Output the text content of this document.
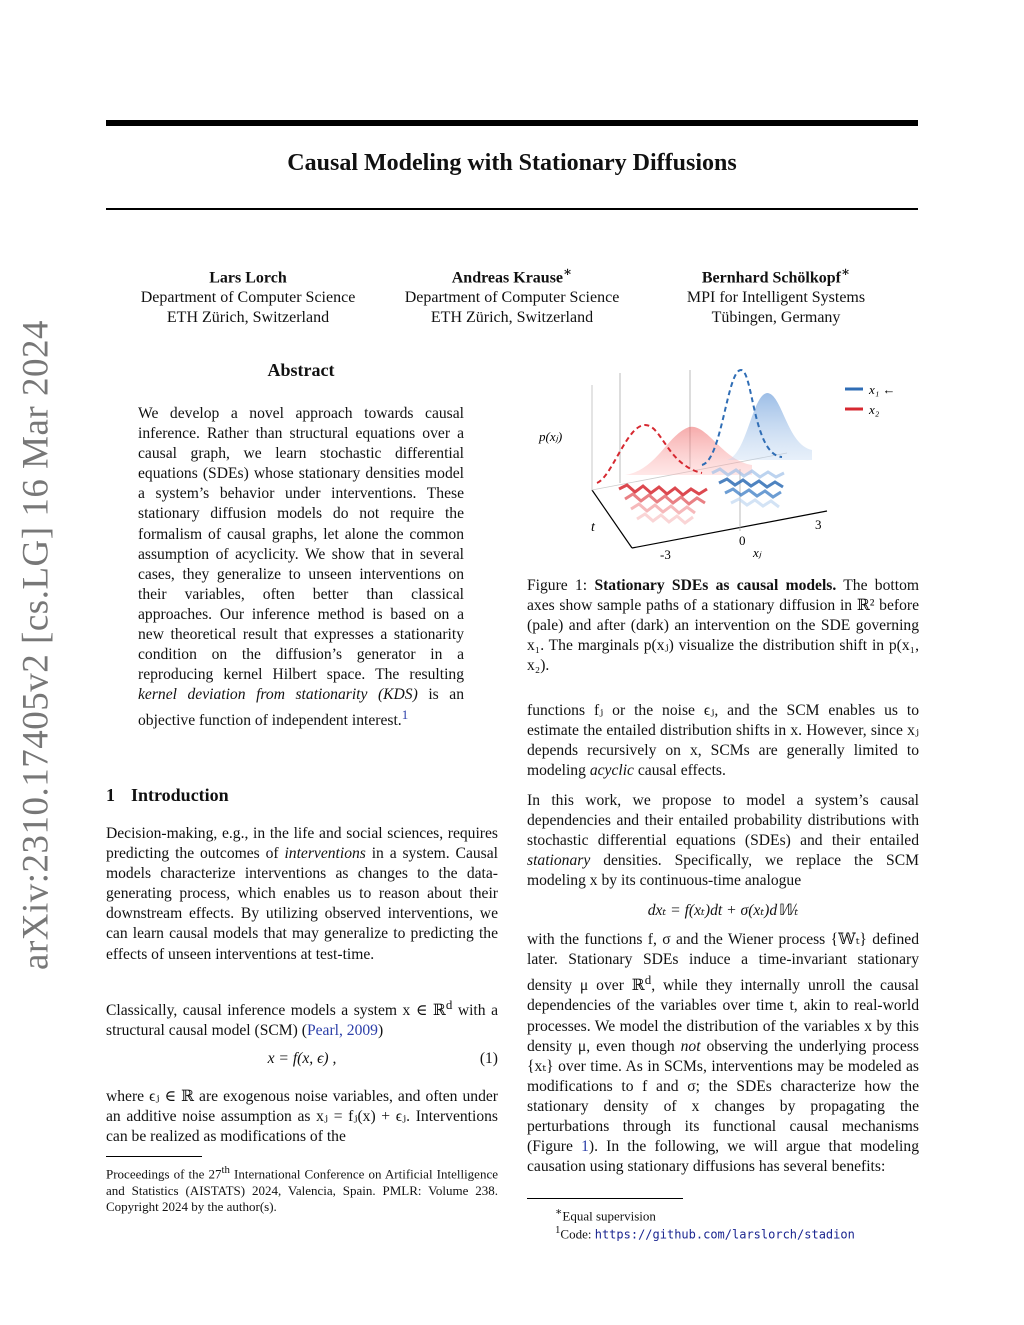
Causal Modeling with Stationary Diffusions
Lars Lorch
Department of Computer Science
ETH Zürich, Switzerland
Andreas Krause∗
Department of Computer Science
ETH Zürich, Switzerland
Bernhard Schölkopf∗
MPI for Intelligent Systems
Tübingen, Germany
arXiv:2310.17405v2 [cs.LG] 16 Mar 2024	Abstract

We develop a novel approach towards causal inference. Rather than structural equations over a causal graph, we learn stochastic differential equations (SDEs) whose stationary densities model a system’s behavior under interventions. These stationary diffusion models do not require the formalism of causal graphs, let alone the common assumption of acyclicity. We show that in several cases, they generalize to unseen interventions on their variables, often better than classical approaches. Our inference method is based on a new theoretical result that expresses a stationarity condition on the diffusion’s generator in a reproducing kernel Hilbert space. The resulting kernel deviation from stationarity (KDS) is an objective function of independent interest.$^1$

1 Introduction

Decision-making, e.g., in the life and social sciences, requires predicting the outcomes of interventions in a system. Causal models characterize interventions as changes to the data-generating process, which enables us to reason about their downstream effects. By utilizing observed interventions, we can learn causal models that may generalize to predicting the effects of unseen interventions at test-time.

Classically, causal inference models a system x ∈ ℝ$^d$ with a structural causal model (SCM) (Pearl, 2009)

x = f(x, ϵ) ,	(1)

where ϵⱼ ∈ ℝ are exogenous noise variables, and often under an additive noise assumption as xⱼ = fⱼ(x) + ϵⱼ. Interventions can be realized as modifications of the

Proceedings of the 27th International Conference on Artificial Intelligence and Statistics (AISTATS) 2024, Valencia, Spain. PMLR: Volume 238. Copyright 2024 by the author(s).
p(xⱼ)
t
xⱼ
-3
0
3
x₁ ←
x₂
Figure 1: Stationary SDEs as causal models. The bottom axes show sample paths of a stationary diffusion in ℝ² before (pale) and after (dark) an intervention on the SDE governing x₁. The marginals p(xⱼ) visualize the distribution shift in p(x₁, x₂).

functions fⱼ or the noise ϵⱼ, and the SCM enables us to estimate the entailed distribution shifts in x. However, since xⱼ depends recursively on x, SCMs are generally limited to modeling acyclic causal effects.

In this work, we propose to model a system’s causal dependencies and their entailed probability distributions with stochastic differential equations (SDEs) and their entailed stationary densities. Specifically, we replace the SCM modeling x by its continuous-time analogue

dxₜ = f(xₜ)dt + σ(xₜ)d𝕎ₜ

with the functions f, σ and the Wiener process {𝕎ₜ} defined later. Stationary SDEs induce a time-invariant stationary density μ over ℝ$^d$, while they internally unroll the causal dependencies of the variables over time t, akin to real-world processes. We model the distribution of the variables x by this density μ, even though not observing the underlying process {xₜ} over time. As in SCMs, interventions may be modeled as modifications to f and σ; the SDEs characterize how the stationary density of x changes by propagating the perturbations through its functional causal mechanisms (Figure 1). In the following, we will argue that modeling causation using stationary diffusions has several benefits:

∗Equal supervision
$^1$Code: https://github.com/larslorch/stadion
